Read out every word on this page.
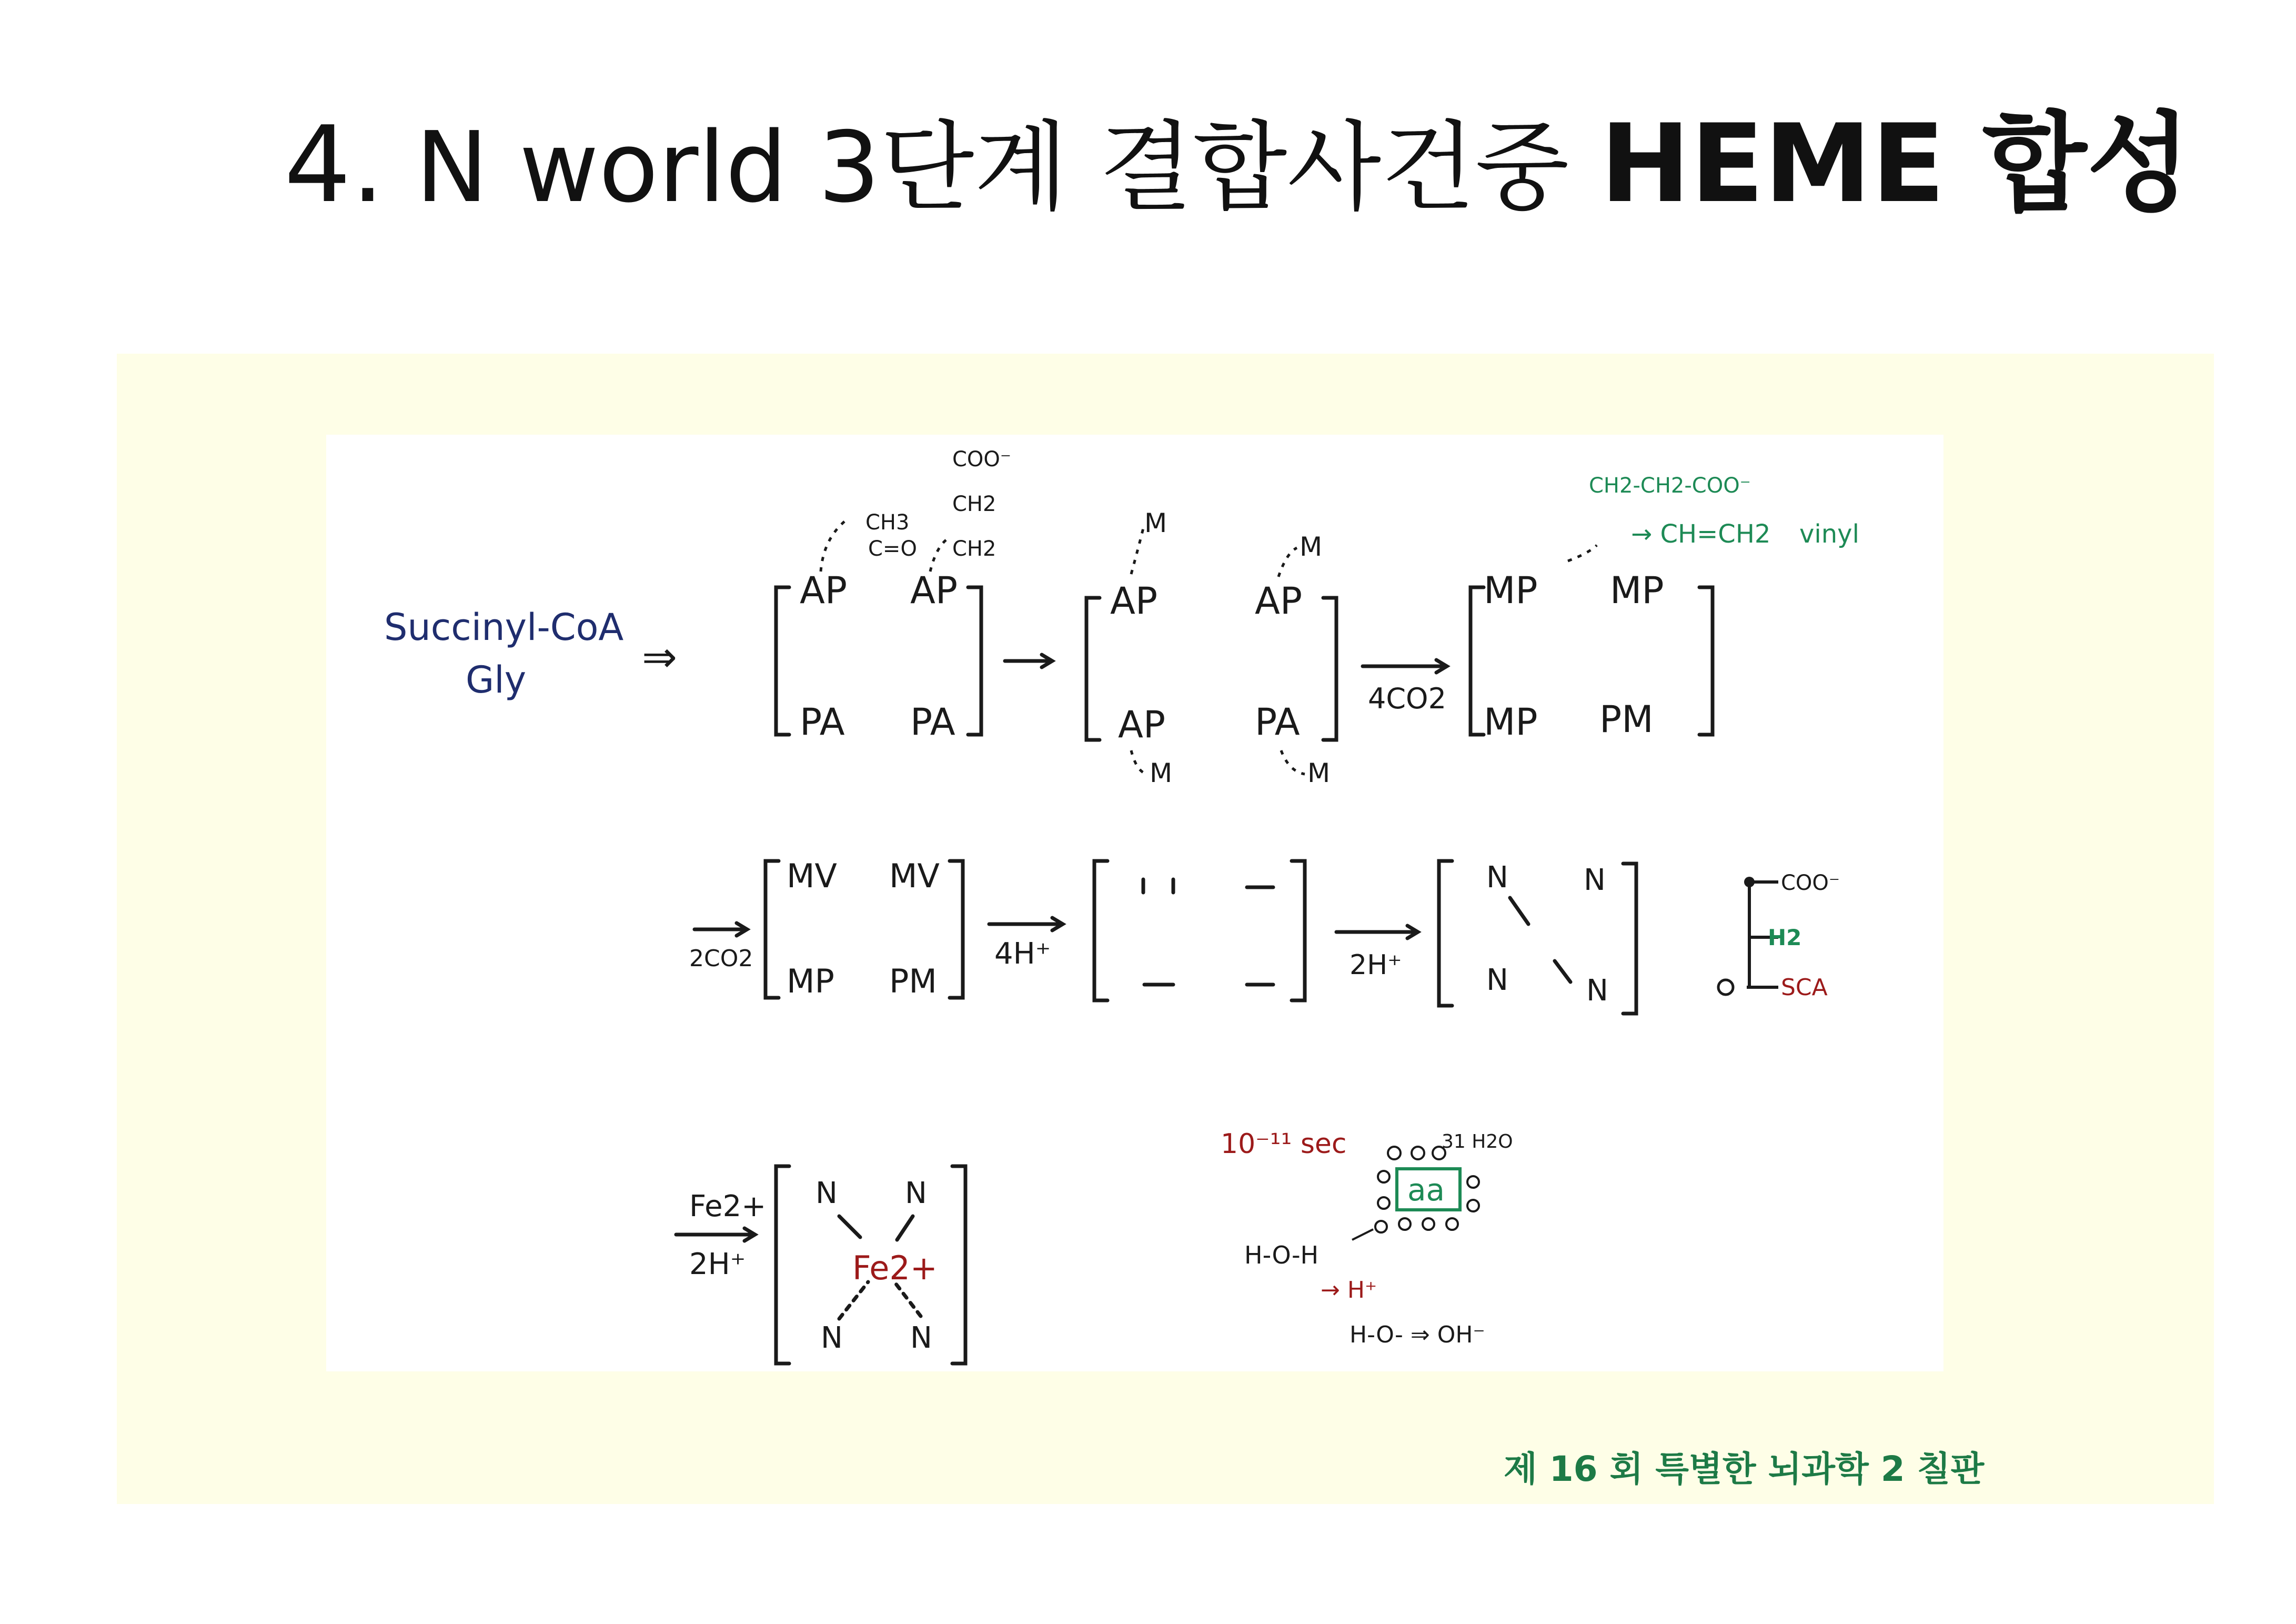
4. N world 3단계 결합사건중 HEME 합성
Succinyl-CoA
Gly	⇒
AP AP
PA PA
AP	AP
AP PA
M
M
M	M
4CO2
MP MP
MP PM
CH3
C=O
COO⁻
CH2
CH2
CH2-CH2-COO⁻
→ CH=CH2 vinyl
2CO2
MV MV
MP PM
4H⁺	2H⁺
N	N
N	N
COO⁻
H2
SCA
Fe2+
2H⁺
N N
N N
Fe2+
10⁻¹¹ sec	31 H2O
aa
H-O-H
→ H⁺
H-O- ⇒ OH⁻
제 16 회 특별한 뇌과학 2 칠판
